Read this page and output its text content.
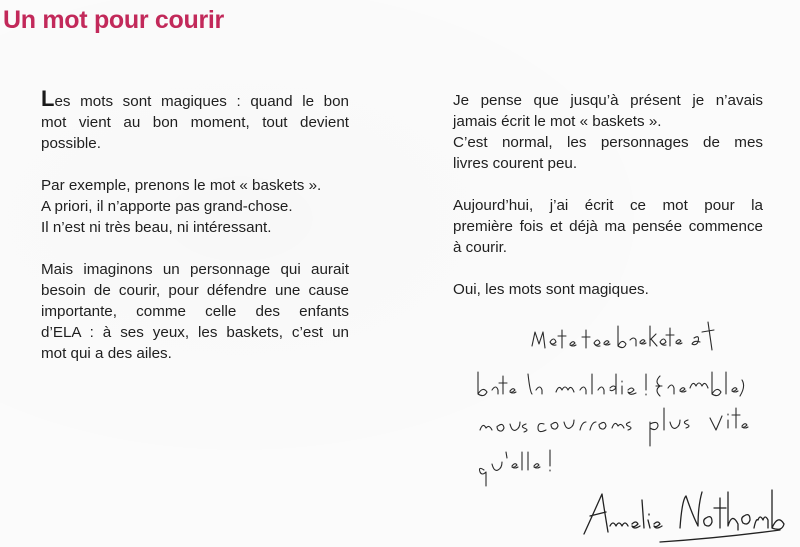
Un mot pour courir

Les mots sont magiques : quand le bon
mot vient au bon moment, tout devient
possible.

Par exemple, prenons le mot « baskets ».
A priori, il n’apporte pas grand-chose.
Il n’est ni très beau, ni intéressant.

Mais imaginons un personnage qui aurait
besoin de courir, pour défendre une cause
importante, comme celle des enfants
d’ELA : à ses yeux, les baskets, c’est un
mot qui a des ailes.

Je pense que jusqu’à présent je n’avais
jamais écrit le mot « baskets ».
C’est normal, les personnages de mes
livres courent peu.

Aujourd’hui, j’ai écrit ce mot pour la
première fois et déjà ma pensée commence
à courir.

Oui, les mots sont magiques.
